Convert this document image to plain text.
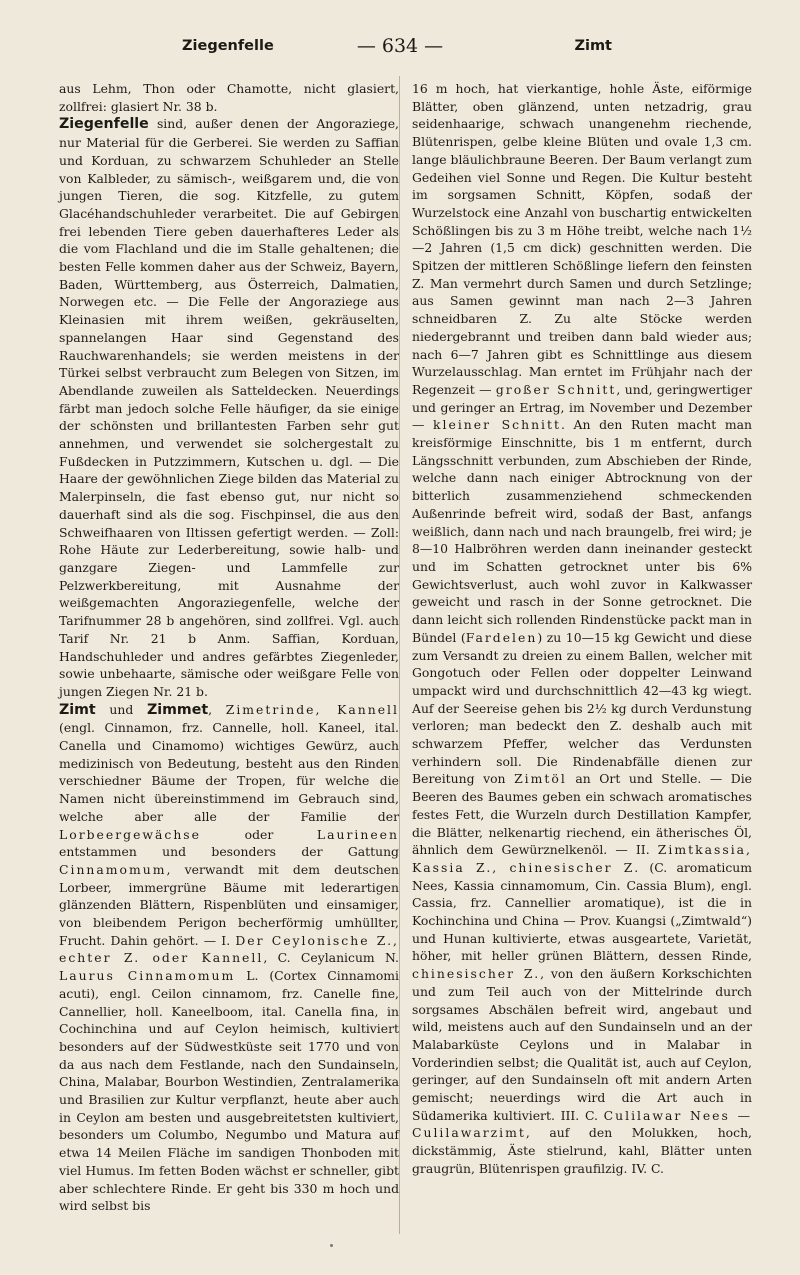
Ziegenfelle	— 634 —	Zimt

aus Lehm, Thon oder Chamotte, nicht glasiert, zollfrei: glasiert Nr. 38 b.

Ziegenfelle sind, außer denen der Angoraziege, nur Material für die Gerberei. Sie werden zu Saffian und Korduan, zu schwarzem Schuhleder an Stelle von Kalbleder, zu sämisch-, weißgarem und, die von jungen Tieren, die sog. Kitzfelle, zu gutem Glacéhandschuhleder verarbeitet. Die auf Gebirgen frei lebenden Tiere geben dauerhafteres Leder als die vom Flachland und die im Stalle gehaltenen; die besten Felle kommen daher aus der Schweiz, Bayern, Baden, Württemberg, aus Österreich, Dalmatien, Norwegen etc. — Die Felle der Angoraziege aus Kleinasien mit ihrem weißen, gekräuselten, spannelangen Haar sind Gegenstand des Rauchwarenhandels; sie werden meistens in der Türkei selbst verbraucht zum Belegen von Sitzen, im Abendlande zuweilen als Satteldecken. Neuerdings färbt man jedoch solche Felle häufiger, da sie einige der schönsten und brillantesten Farben sehr gut annehmen, und verwendet sie solchergestalt zu Fußdecken in Putzzimmern, Kutschen u. dgl. — Die Haare der gewöhnlichen Ziege bilden das Material zu Malerpinseln, die fast ebenso gut, nur nicht so dauerhaft sind als die sog. Fischpinsel, die aus den Schweifhaaren von Iltissen gefertigt werden. — Zoll: Rohe Häute zur Lederbereitung, sowie halb- und ganzgare Ziegen- und Lammfelle zur Pelzwerkbereitung, mit Ausnahme der weißgemachten Angoraziegenfelle, welche der Tarifnummer 28 b angehören, sind zollfrei. Vgl. auch Tarif Nr. 21 b Anm. Saffian, Korduan, Handschuhleder und andres gefärbtes Ziegenleder, sowie unbehaarte, sämische oder weißgare Felle von jungen Ziegen Nr. 21 b.

Zimt und Zimmet, Zimetrinde, Kannell (engl. Cinnamon, frz. Cannelle, holl. Kaneel, ital. Canella und Cinamomo) wichtiges Gewürz, auch medizinisch von Bedeutung, besteht aus den Rinden verschiedner Bäume der Tropen, für welche die Namen nicht übereinstimmend im Gebrauch sind, welche aber alle der Familie der Lorbeergewächse oder Laurineen entstammen und besonders der Gattung Cinnamomum, verwandt mit dem deutschen Lorbeer, immergrüne Bäume mit lederartigen glänzenden Blättern, Rispenblüten und einsamiger, von bleibendem Perigon becherförmig umhüllter, Frucht. Dahin gehört. — I. Der Ceylonische Z., echter Z. oder Kannell, C. Ceylanicum N. Laurus Cinnamomum L. (Cortex Cinnamomi acuti), engl. Ceilon cinnamom, frz. Canelle fine, Cannellier, holl. Kaneelboom, ital. Canella fina, in Cochinchina und auf Ceylon heimisch, kultiviert besonders auf der Südwestküste seit 1770 und von da aus nach dem Festlande, nach den Sundainseln, China, Malabar, Bourbon Westindien, Zentralamerika und Brasilien zur Kultur verpflanzt, heute aber auch in Ceylon am besten und ausgebreitetsten kultiviert, besonders um Columbo, Negumbo und Matura auf etwa 14 Meilen Fläche im sandigen Thonboden mit viel Humus. Im fetten Boden wächst er schneller, gibt aber schlechtere Rinde. Er geht bis 330 m hoch und wird selbst bis

16 m hoch, hat vierkantige, hohle Äste, eiförmige Blätter, oben glänzend, unten netzadrig, grau seidenhaarige, schwach unangenehm riechende, Blütenrispen, gelbe kleine Blüten und ovale 1,3 cm. lange bläulichbraune Beeren. Der Baum verlangt zum Gedeihen viel Sonne und Regen. Die Kultur besteht im sorgsamen Schnitt, Köpfen, sodaß der Wurzelstock eine Anzahl von buschartig entwickelten Schößlingen bis zu 3 m Höhe treibt, welche nach 1½—2 Jahren (1,5 cm dick) geschnitten werden. Die Spitzen der mittleren Schößlinge liefern den feinsten Z. Man vermehrt durch Samen und durch Setzlinge; aus Samen gewinnt man nach 2—3 Jahren schneidbaren Z. Zu alte Stöcke werden niedergebrannt und treiben dann bald wieder aus; nach 6—7 Jahren gibt es Schnittlinge aus diesem Wurzelausschlag. Man erntet im Frühjahr nach der Regenzeit — großer Schnitt, und, geringwertiger und geringer an Ertrag, im November und Dezember — kleiner Schnitt. An den Ruten macht man kreisförmige Einschnitte, bis 1 m entfernt, durch Längsschnitt verbunden, zum Abschieben der Rinde, welche dann nach einiger Abtrocknung von der bitterlich zusammenziehend schmeckenden Außenrinde befreit wird, sodaß der Bast, anfangs weißlich, dann nach und nach braungelb, frei wird; je 8—10 Halbröhren werden dann ineinander gesteckt und im Schatten getrocknet unter bis 6% Gewichtsverlust, auch wohl zuvor in Kalkwasser geweicht und rasch in der Sonne getrocknet. Die dann leicht sich rollenden Rindenstücke packt man in Bündel (Fardelen) zu 10—15 kg Gewicht und diese zum Versandt zu dreien zu einem Ballen, welcher mit Gongotuch oder Fellen oder doppelter Leinwand umpackt wird und durchschnittlich 42—43 kg wiegt. Auf der Seereise gehen bis 2½ kg durch Verdunstung verloren; man bedeckt den Z. deshalb auch mit schwarzem Pfeffer, welcher das Verdunsten verhindern soll. Die Rindenabfälle dienen zur Bereitung von Zimtöl an Ort und Stelle. — Die Beeren des Baumes geben ein schwach aromatisches festes Fett, die Wurzeln durch Destillation Kampfer, die Blätter, nelkenartig riechend, ein ätherisches Öl, ähnlich dem Gewürznelkenöl. — II. Zimtkassia, Kassia Z., chinesischer Z. (C. aromaticum Nees, Kassia cinnamomum, Cin. Cassia Blum), engl. Cassia, frz. Cannellier aromatique), ist die in Kochinchina und China — Prov. Kuangsi („Zimtwald“) und Hunan kultivierte, etwas ausgeartete, Varietät, höher, mit heller grünen Blättern, dessen Rinde, chinesischer Z., von den äußern Korkschichten und zum Teil auch von der Mittelrinde durch sorgsames Abschälen befreit wird, angebaut und wild, meistens auch auf den Sundainseln und an der Malabarküste Ceylons und in Malabar in Vorderindien selbst; die Qualität ist, auch auf Ceylon, geringer, auf den Sundainseln oft mit andern Arten gemischt; neuerdings wird die Art auch in Südamerika kultiviert. III. C. Culilawar Nees — Culilawarzimt, auf den Molukken, hoch, dickstämmig, Äste stielrund, kahl, Blätter unten graugrün, Blütenrispen graufilzig. IV. C.
